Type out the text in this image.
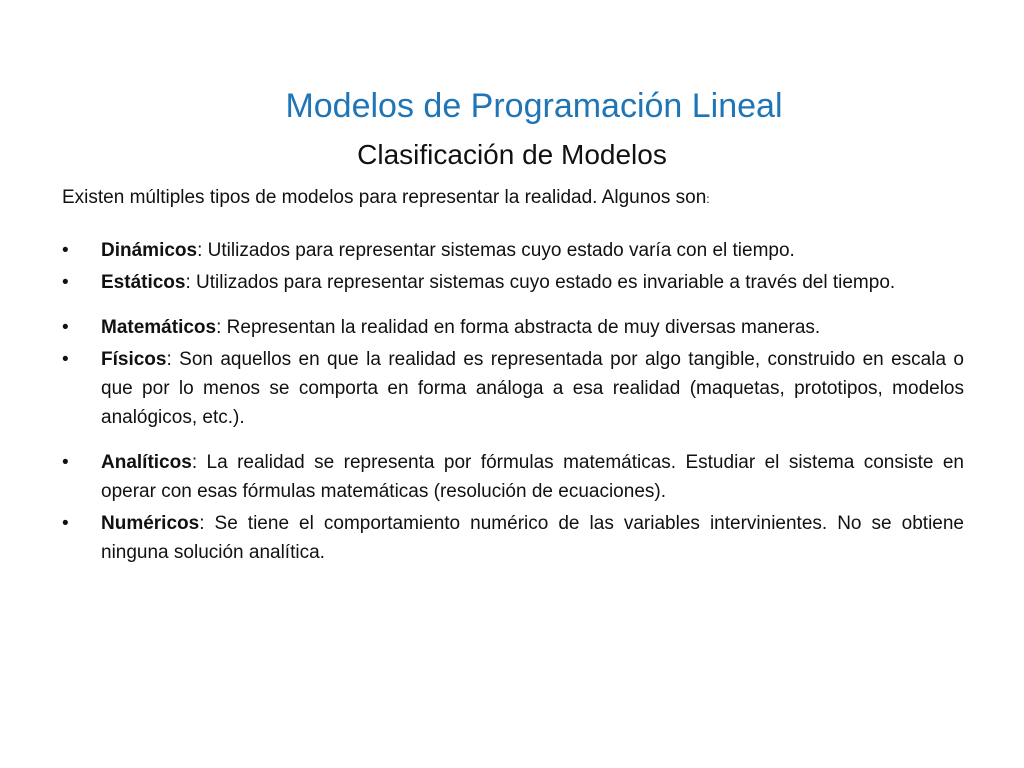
Modelos de Programación Lineal
Clasificación de Modelos
Existen múltiples tipos de modelos para representar la realidad. Algunos son:
•	Dinámicos: Utilizados para representar sistemas cuyo estado varía con el tiempo.
•	Estáticos: Utilizados para representar sistemas cuyo estado es invariable a través del tiempo.
•	Matemáticos: Representan la realidad en forma abstracta de muy diversas maneras.
•	Físicos: Son aquellos en que la realidad es representada por algo tangible, construido en escala o que por lo menos se comporta en forma análoga a esa realidad (maquetas, prototipos, modelos analógicos, etc.).
•	Analíticos: La realidad se representa por fórmulas matemáticas. Estudiar el sistema consiste en operar con esas fórmulas matemáticas (resolución de ecuaciones).
•	Numéricos: Se tiene el comportamiento numérico de las variables intervinientes. No se obtiene ninguna solución analítica.
